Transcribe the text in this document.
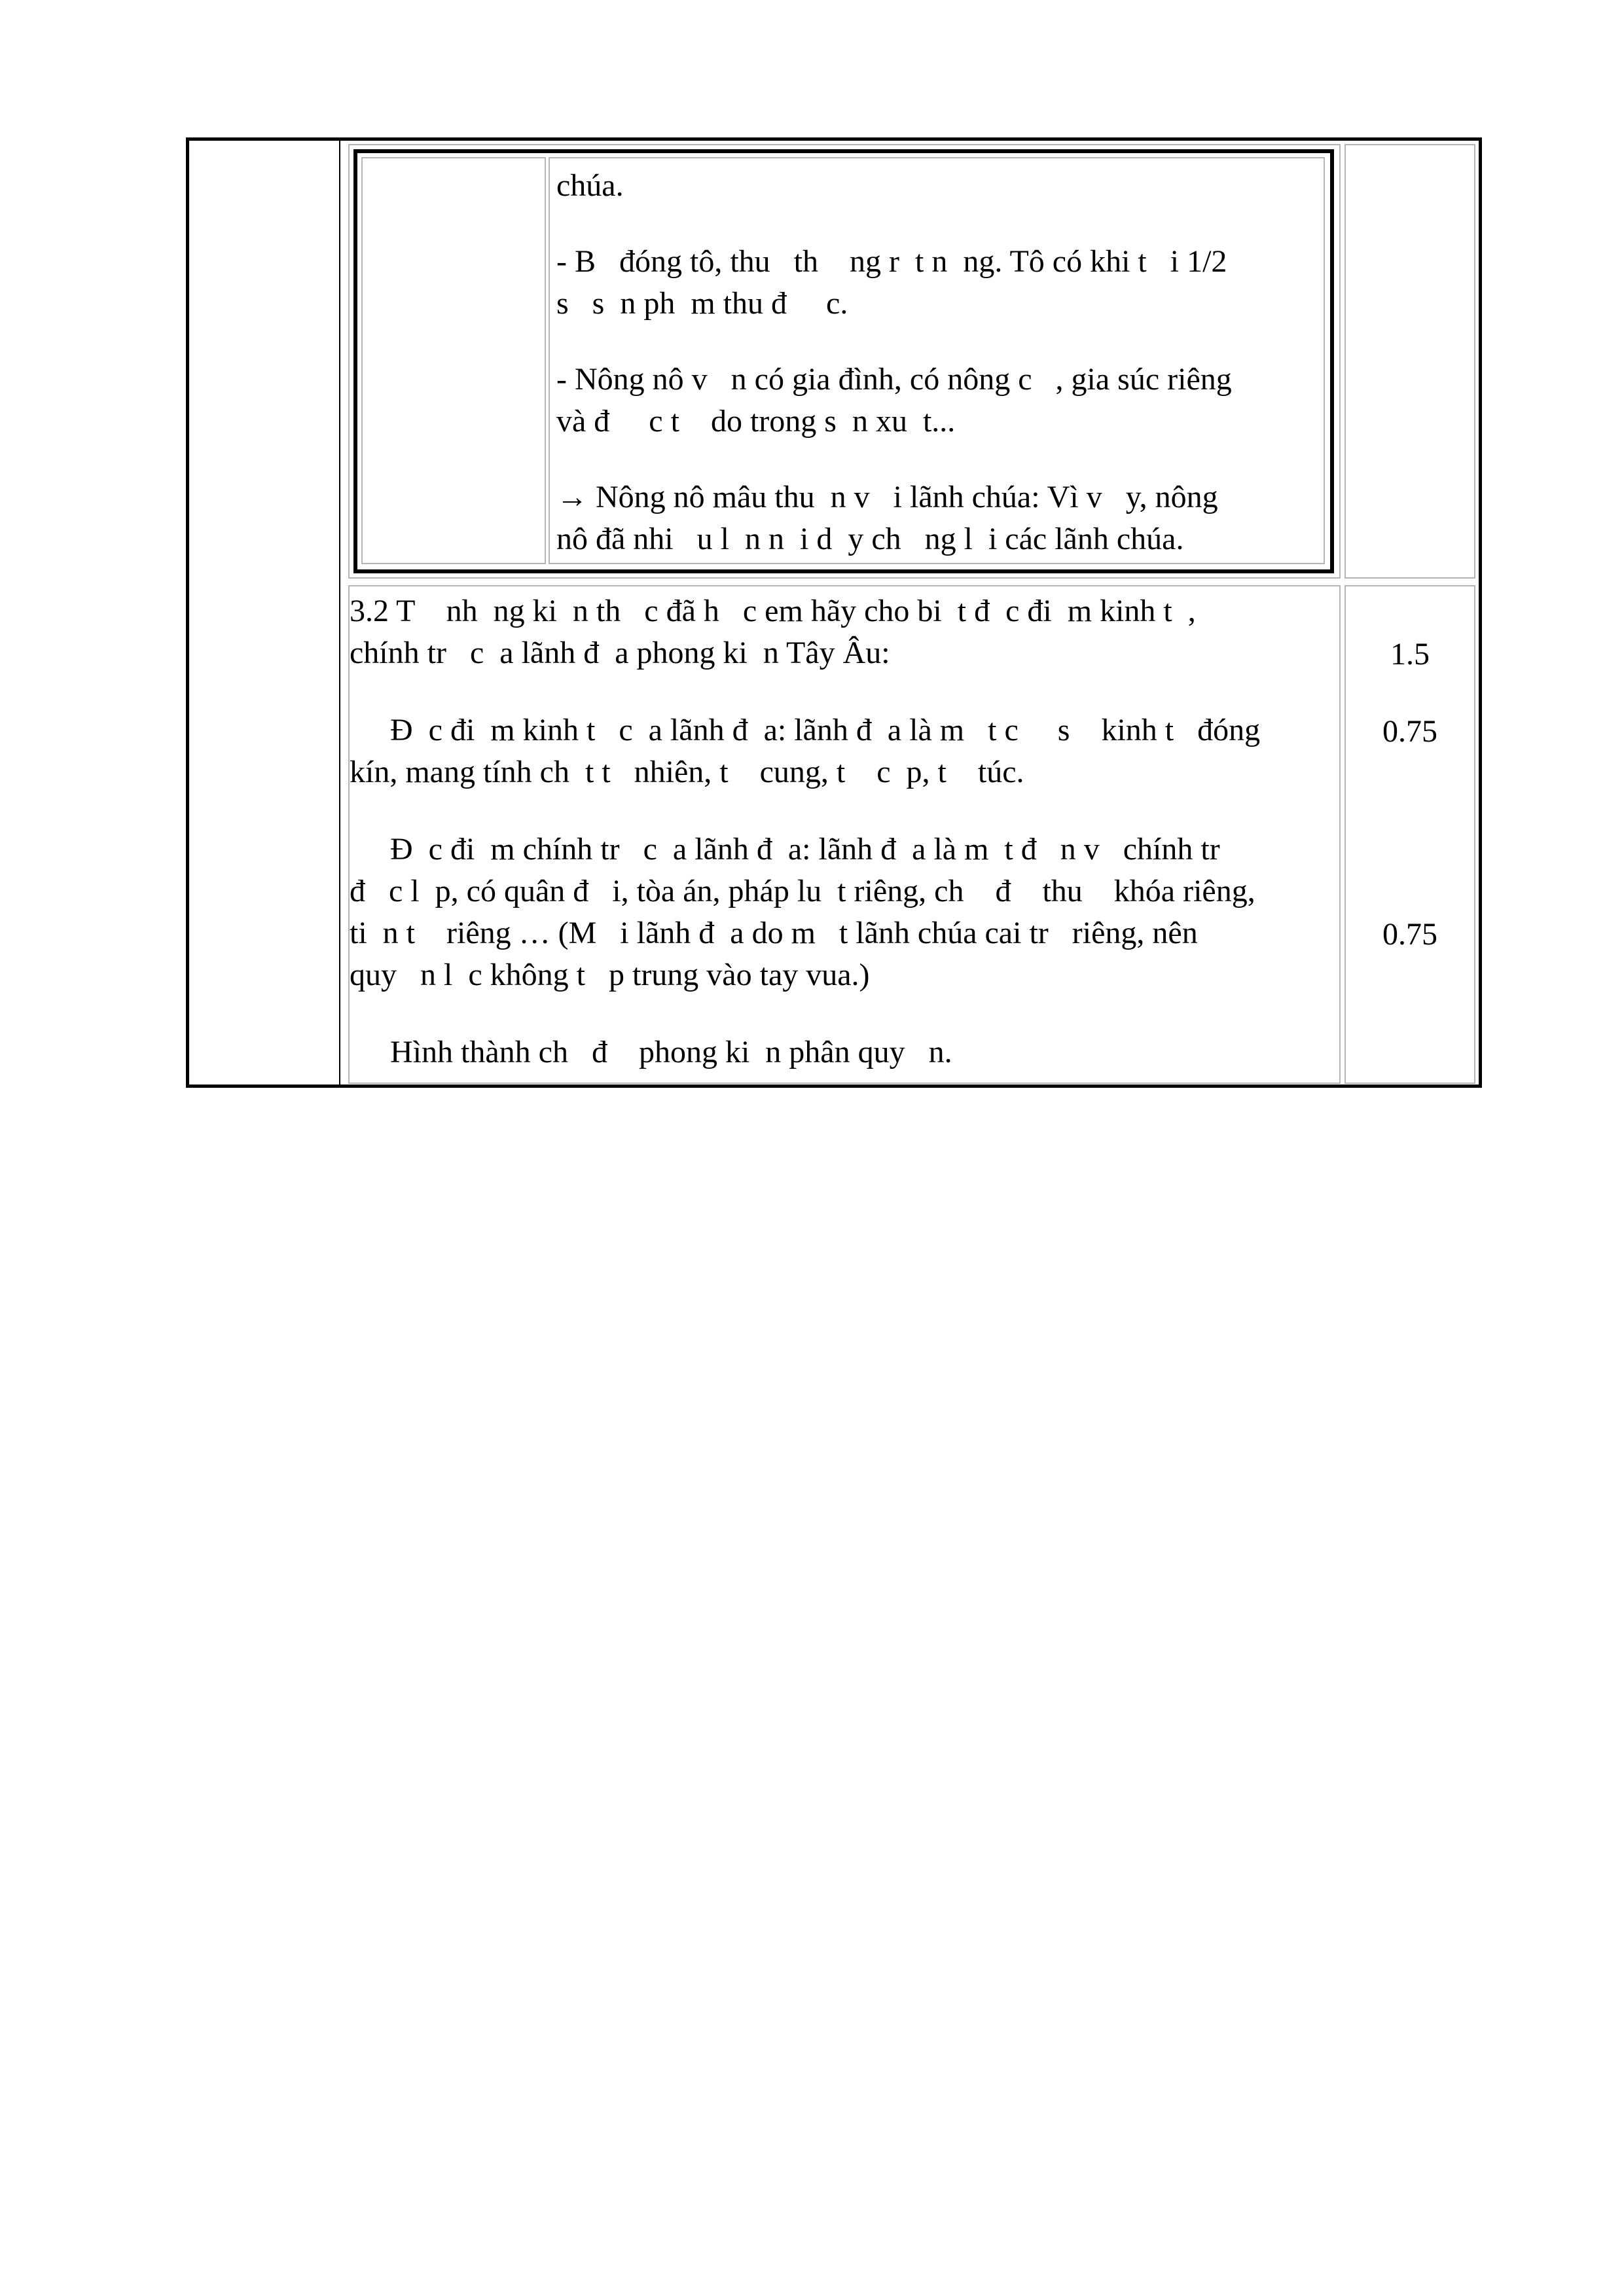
chúa.
- B   đóng tô, thu   th    ng r  t n  ng. Tô có khi t   i 1/2
s   s  n ph  m thu đ     c.
- Nông nô v   n có gia đình, có nông c   , gia súc riêng
và đ     c t    do trong s  n xu  t...
→ Nông nô mâu thu  n v   i lãnh chúa: Vì v   y, nông
nô đã nhi   u l  n n  i d  y ch   ng l  i các lãnh chúa.
3.2 T    nh  ng ki  n th   c đã h   c em hãy cho bi  t đ  c đi  m kinh t  ,
chính tr   c  a lãnh đ  a phong ki  n Tây Âu:
Đ  c đi  m kinh t   c  a lãnh đ  a: lãnh đ  a là m   t c     s    kinh t   đóng
kín, mang tính ch  t t   nhiên, t    cung, t    c  p, t    túc.
Đ  c đi  m chính tr   c  a lãnh đ  a: lãnh đ  a là m  t đ   n v   chính tr
đ   c l  p, có quân đ   i, tòa án, pháp lu  t riêng, ch    đ    thu    khóa riêng,
ti  n t    riêng … (M   i lãnh đ  a do m   t lãnh chúa cai tr   riêng, nên
quy   n l  c không t   p trung vào tay vua.)
Hình thành ch   đ    phong ki  n phân quy   n.
1.5
0.75
0.75
